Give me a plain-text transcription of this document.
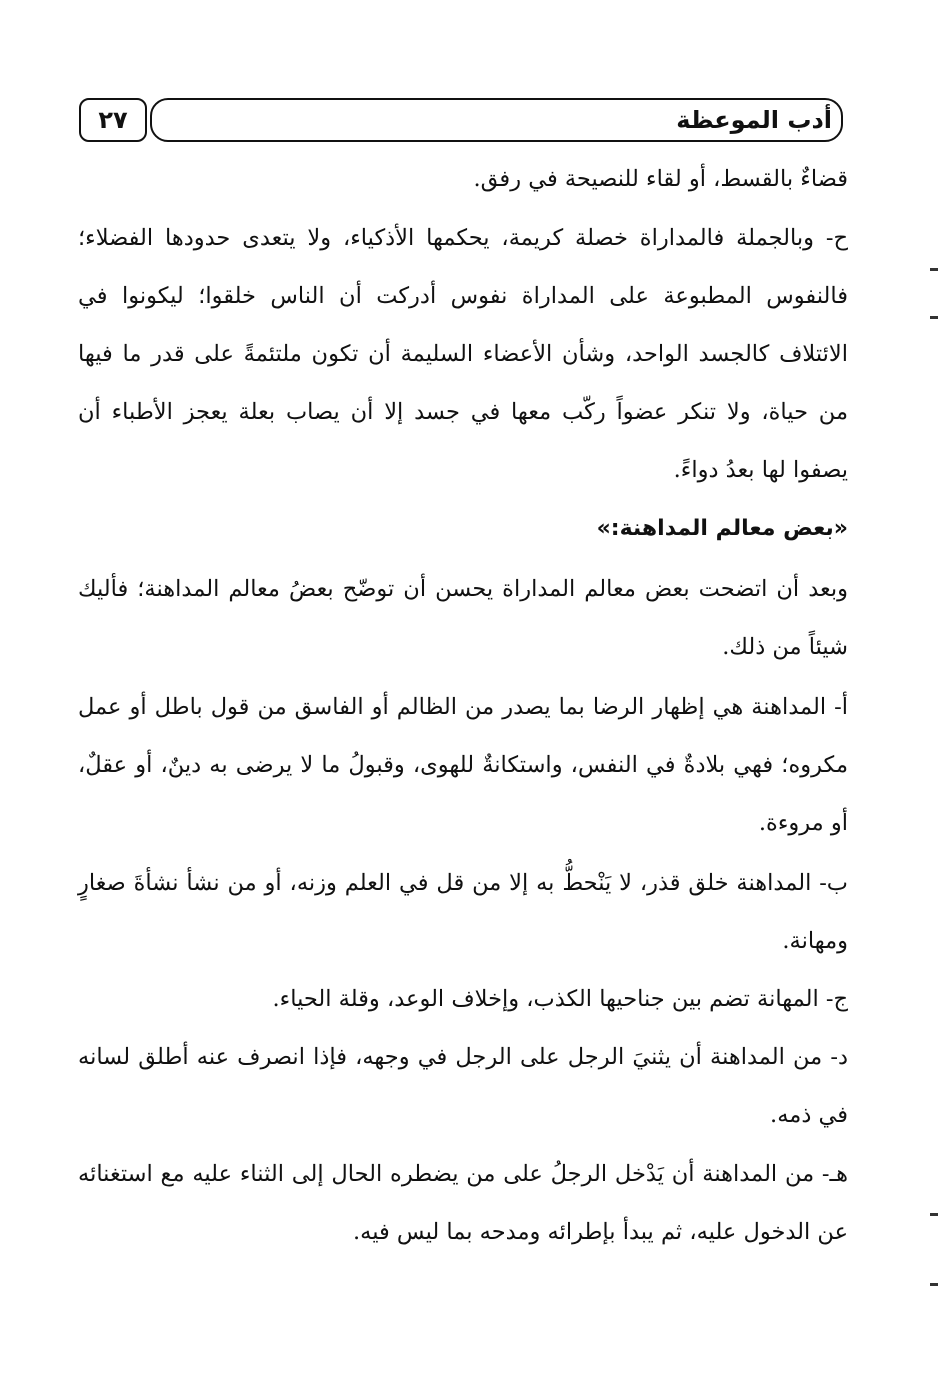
أدب الموعظة
٢٧

قضاءٌ بالقسط، أو لقاء للنصيحة في رفق.

ح- وبالجملة فالمداراة خصلة كريمة، يحكمها الأذكياء، ولا يتعدى حدودها الفضلاء؛ فالنفوس المطبوعة على المداراة نفوس أدركت أن الناس خلقوا؛ ليكونوا في الائتلاف كالجسد الواحد، وشأن الأعضاء السليمة أن تكون ملتئمةً على قدر ما فيها من حياة، ولا تنكر عضواً ركّب معها في جسد إلا أن يصاب بعلة يعجز الأطباء أن يصفوا لها بعدُ دواءً.

«بعض معالم المداهنة:»

وبعد أن اتضحت بعض معالم المداراة يحسن أن توضّح بعضُ معالم المداهنة؛ فأليك شيئاً من ذلك.

أ- المداهنة هي إظهار الرضا بما يصدر من الظالم أو الفاسق من قول باطل أو عمل مكروه؛ فهي بلادةٌ في النفس، واستكانةٌ للهوى، وقبولُ ما لا يرضى به دينٌ، أو عقلٌ، أو مروءة.

ب- المداهنة خلق قذر، لا يَنْحطُّ به إلا من قل في العلم وزنه، أو من نشأ نشأةَ صغارٍ ومهانة.

ج- المهانة تضم بين جناحيها الكذب، وإخلاف الوعد، وقلة الحياء.

د- من المداهنة أن يثنيَ الرجل على الرجل في وجهه، فإذا انصرف عنه أطلق لسانه في ذمه.

هـ- من المداهنة أن يَدْخل الرجلُ على من يضطره الحال إلى الثناء عليه مع استغنائه عن الدخول عليه، ثم يبدأ بإطرائه ومدحه بما ليس فيه.
